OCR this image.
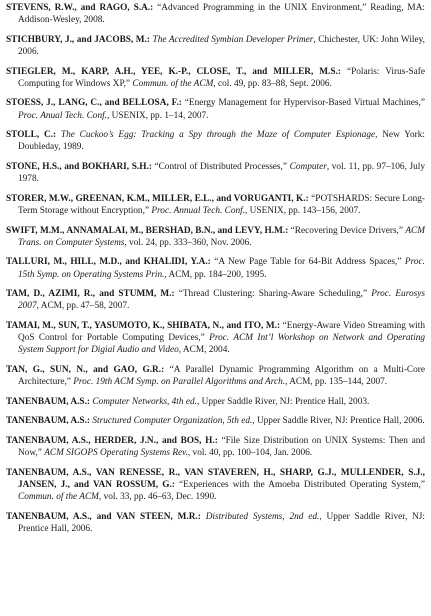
STEVENS, R.W., and RAGO, S.A.: “Advanced Programming in the UNIX Environment,” Reading, MA: Addison-Wesley, 2008.
STICHBURY, J., and JACOBS, M.: The Accredited Symbian Developer Primer, Chichester, UK: John Wiley, 2006.
STIEGLER, M., KARP, A.H., YEE, K.-P., CLOSE, T., and MILLER, M.S.: “Polaris: Virus-Safe Computing for Windows XP,” Commun. of the ACM, col. 49, pp. 83–88, Sept. 2006.
STOESS, J., LANG, C., and BELLOSA, F.: “Energy Management for Hypervisor-Based Virtual Machines,” Proc. Anual Tech. Conf., USENIX, pp. 1–14, 2007.
STOLL, C.: The Cuckoo’s Egg: Tracking a Spy through the Maze of Computer Espionage, New York: Doubleday, 1989.
STONE, H.S., and BOKHARI, S.H.: “Control of Distributed Processes,” Computer, vol. 11, pp. 97–106, July 1978.
STORER, M.W., GREENAN, K.M., MILLER, E.L., and VORUGANTI, K.: “POTSHARDS: Secure Long-Term Storage without Encryption,” Proc. Annual Tech. Conf., USENIX, pp. 143–156, 2007.
SWIFT, M.M., ANNAMALAI, M., BERSHAD, B.N., and LEVY, H.M.: “Recovering Device Drivers,” ACM Trans. on Computer Systems, vol. 24, pp. 333–360, Nov. 2006.
TALLURI, M., HILL, M.D., and KHALIDI, Y.A.: “A New Page Table for 64-Bit Address Spaces,” Proc. 15th Symp. on Operating Systems Prin., ACM, pp. 184–200, 1995.
TAM, D., AZIMI, R., and STUMM, M.: “Thread Clustering: Sharing-Aware Scheduling,” Proc. Eurosys 2007, ACM, pp. 47–58, 2007.
TAMAI, M., SUN, T., YASUMOTO, K., SHIBATA, N., and ITO, M.: “Energy-Aware Video Streaming with QoS Control for Portable Computing Devices,” Proc. ACM Int’l Workshop on Network and Operating System Support for Digial Audio and Video, ACM, 2004.
TAN, G., SUN, N., and GAO, G.R.: “A Parallel Dynamic Programming Algorithm on a Multi-Core Architecture,” Proc. 19th ACM Symp. on Parallel Algorithms and Arch., ACM, pp. 135–144, 2007.
TANENBAUM, A.S.: Computer Networks, 4th ed., Upper Saddle River, NJ: Prentice Hall, 2003.
TANENBAUM, A.S.: Structured Computer Organization, 5th ed., Upper Saddle River, NJ: Prentice Hall, 2006.
TANENBAUM, A.S., HERDER, J.N., and BOS, H.: “File Size Distribution on UNIX Systems: Then and Now,” ACM SIGOPS Operating Systems Rev., vol. 40, pp. 100–104, Jan. 2006.
TANENBAUM, A.S., VAN RENESSE, R., VAN STAVEREN, H., SHARP, G.J., MULLENDER, S.J., JANSEN, J., and VAN ROSSUM, G.: “Experiences with the Amoeba Distributed Operating System,” Commun. of the ACM, vol. 33, pp. 46–63, Dec. 1990.
TANENBAUM, A.S., and VAN STEEN, M.R.: Distributed Systems, 2nd ed., Upper Saddle River, NJ: Prentice Hall, 2006.
